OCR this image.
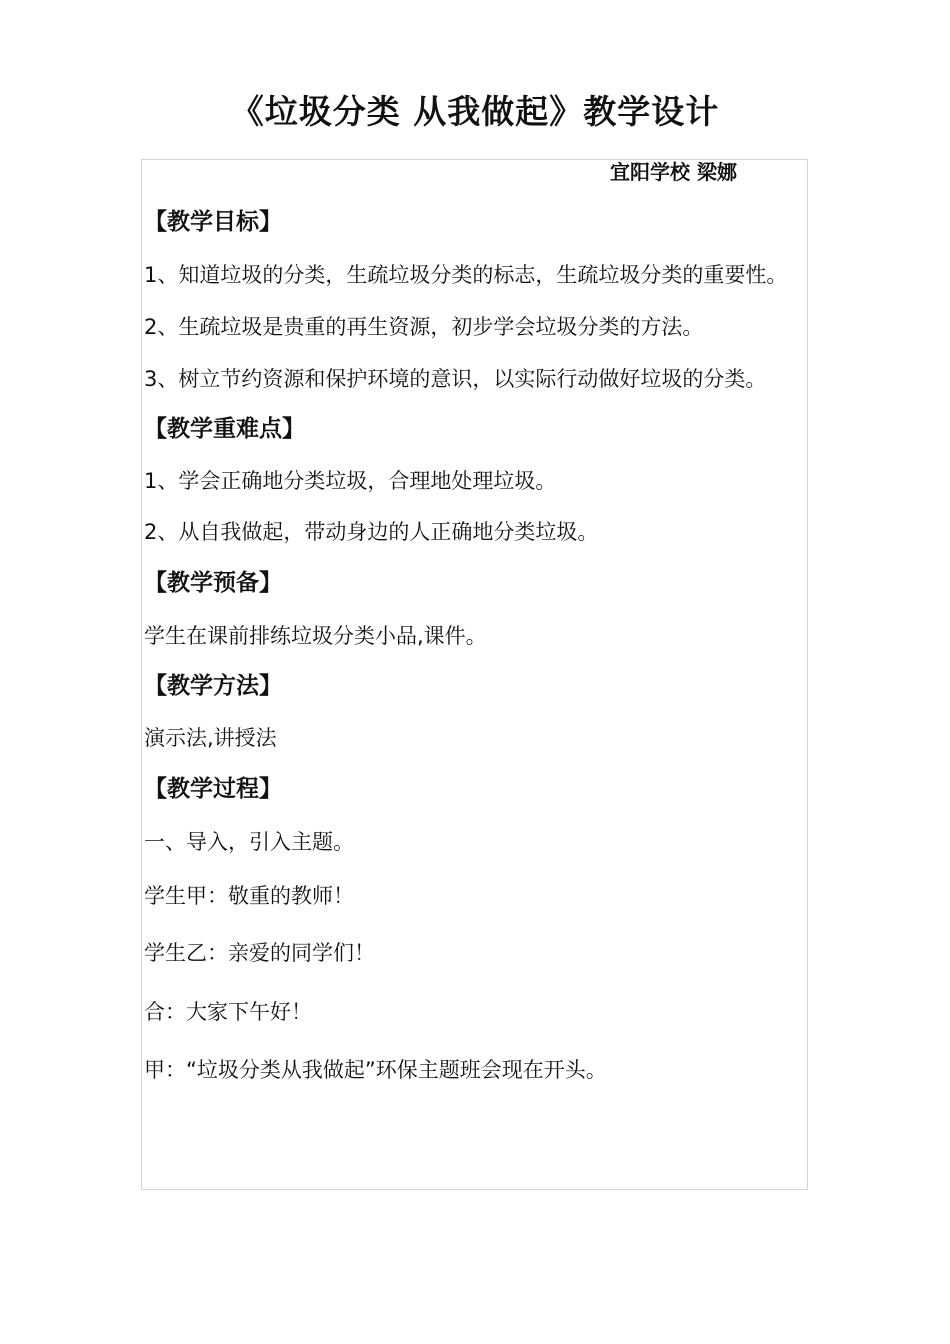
《垃圾分类 从我做起》教学设计
宜阳学校 梁娜
【教学目标】
1、知道垃圾的分类，生疏垃圾分类的标志，生疏垃圾分类的重要性。
2、生疏垃圾是贵重的再生资源，初步学会垃圾分类的方法。
3、树立节约资源和保护环境的意识，以实际行动做好垃圾的分类。
【教学重难点】
1、学会正确地分类垃圾，合理地处理垃圾。
2、从自我做起，带动身边的人正确地分类垃圾。
【教学预备】
学生在课前排练垃圾分类小品,课件。
【教学方法】
演示法,讲授法
【教学过程】
一、导入，引入主题。
学生甲：敬重的教师！
学生乙：亲爱的同学们！
合：大家下午好！
甲：“垃圾分类从我做起”环保主题班会现在开头。
